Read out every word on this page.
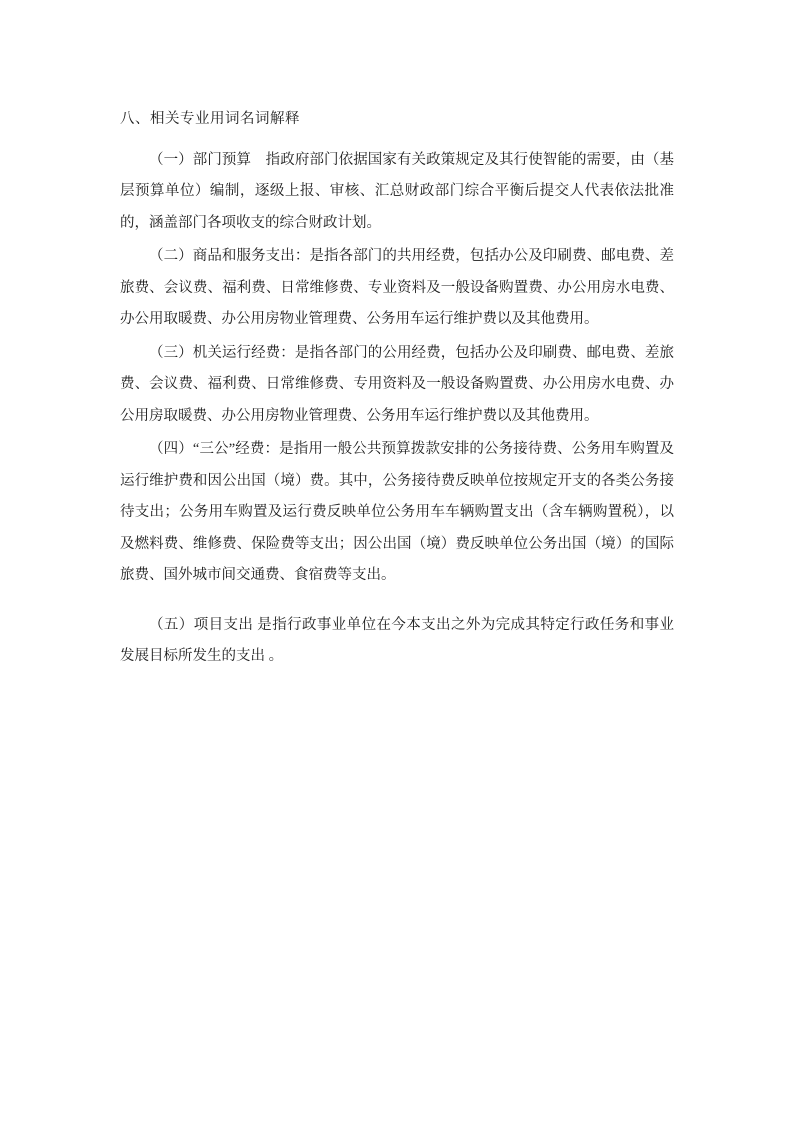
八、相关专业用词名词解释

（一）部门预算　指政府部门依据国家有关政策规定及其行使智能的需要，由（基层预算单位）编制，逐级上报、审核、汇总财政部门综合平衡后提交人代表依法批准的，涵盖部门各项收支的综合财政计划。

（二）商品和服务支出：是指各部门的共用经费，包括办公及印刷费、邮电费、差旅费、会议费、福利费、日常维修费、专业资料及一般设备购置费、办公用房水电费、办公用取暖费、办公用房物业管理费、公务用车运行维护费以及其他费用。

（三）机关运行经费：是指各部门的公用经费，包括办公及印刷费、邮电费、差旅费、会议费、福利费、日常维修费、专用资料及一般设备购置费、办公用房水电费、办公用房取暖费、办公用房物业管理费、公务用车运行维护费以及其他费用。

（四）“三公”经费：是指用一般公共预算拨款安排的公务接待费、公务用车购置及运行维护费和因公出国（境）费。其中，公务接待费反映单位按规定开支的各类公务接待支出；公务用车购置及运行费反映单位公务用车车辆购置支出（含车辆购置税），以及燃料费、维修费、保险费等支出；因公出国（境）费反映单位公务出国（境）的国际旅费、国外城市间交通费、食宿费等支出。

（五）项目支出 是指行政事业单位在今本支出之外为完成其特定行政任务和事业发展目标所发生的支出 。
